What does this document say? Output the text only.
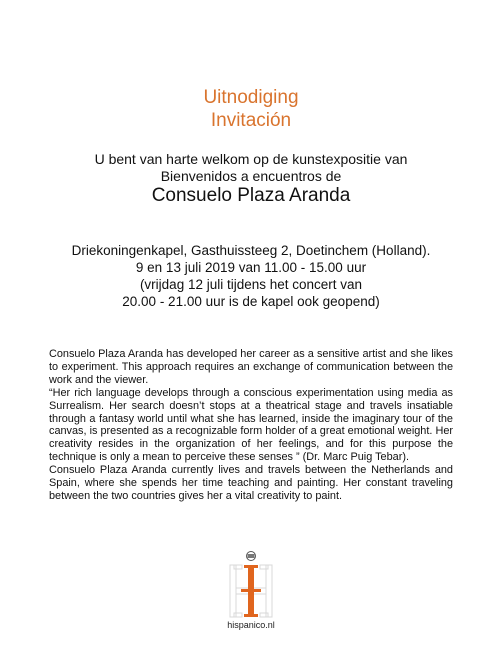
Uitnodiging
Invitación
U bent van harte welkom op de kunstexpositie van
Bienvenidos a encuentros de
Consuelo Plaza Aranda
Driekoningenkapel, Gasthuissteeg 2, Doetinchem (Holland).
9 en 13 juli 2019 van 11.00 - 15.00 uur
(vrijdag 12 juli tijdens het concert van
20.00 - 21.00 uur is de kapel ook geopend)

Consuelo Plaza Aranda has developed her career as a sensitive artist and she likes to experiment. This approach requires an exchange of communication between the work and the viewer.

“Her rich language develops through a conscious experimentation using media as Surrealism. Her search doesn’t stops at a theatrical stage and travels insatiable through a fantasy world until what she has learned, inside the imaginary tour of the canvas, is presented as a recognizable form holder of a great emotional weight. Her creativity resides in the organization of her feelings, and for this purpose the technique is only a mean to perceive these senses ” (Dr. Marc Puig Tebar).

Consuelo Plaza Aranda currently lives and travels between the Netherlands and Spain, where she spends her time teaching and painting. Her constant traveling between the two countries gives her a vital creativity to paint.

hispanico.nl
